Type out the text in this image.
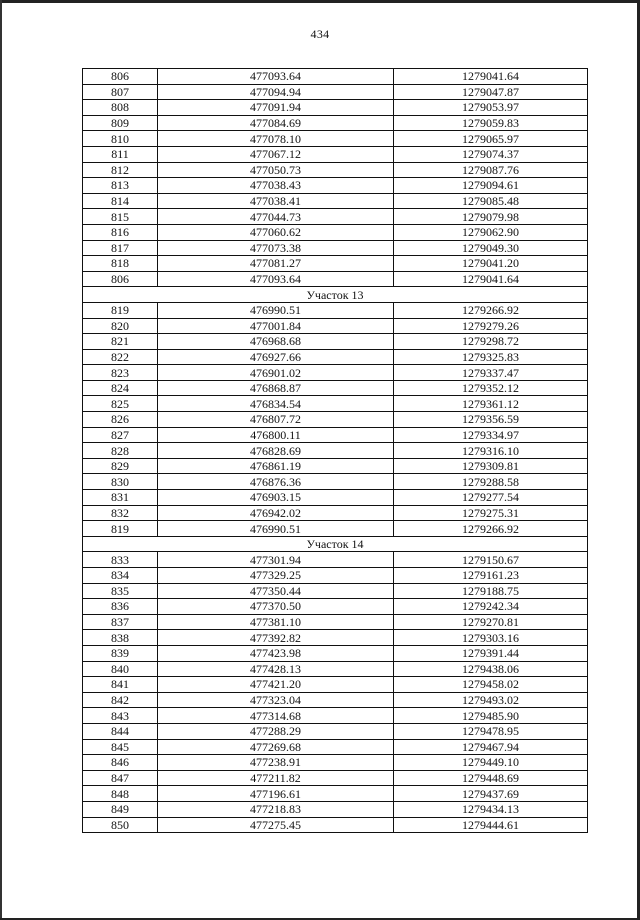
434
806	477093.64	1279041.64
807	477094.94	1279047.87
808	477091.94	1279053.97
809	477084.69	1279059.83
810	477078.10	1279065.97
811	477067.12	1279074.37
812	477050.73	1279087.76
813	477038.43	1279094.61
814	477038.41	1279085.48
815	477044.73	1279079.98
816	477060.62	1279062.90
817	477073.38	1279049.30
818	477081.27	1279041.20
806	477093.64	1279041.64
Участок 13		
819	476990.51	1279266.92
820	477001.84	1279279.26
821	476968.68	1279298.72
822	476927.66	1279325.83
823	476901.02	1279337.47
824	476868.87	1279352.12
825	476834.54	1279361.12
826	476807.72	1279356.59
827	476800.11	1279334.97
828	476828.69	1279316.10
829	476861.19	1279309.81
830	476876.36	1279288.58
831	476903.15	1279277.54
832	476942.02	1279275.31
819	476990.51	1279266.92
Участок 14		
833	477301.94	1279150.67
834	477329.25	1279161.23
835	477350.44	1279188.75
836	477370.50	1279242.34
837	477381.10	1279270.81
838	477392.82	1279303.16
839	477423.98	1279391.44
840	477428.13	1279438.06
841	477421.20	1279458.02
842	477323.04	1279493.02
843	477314.68	1279485.90
844	477288.29	1279478.95
845	477269.68	1279467.94
846	477238.91	1279449.10
847	477211.82	1279448.69
848	477196.61	1279437.69
849	477218.83	1279434.13
850	477275.45	1279444.61
